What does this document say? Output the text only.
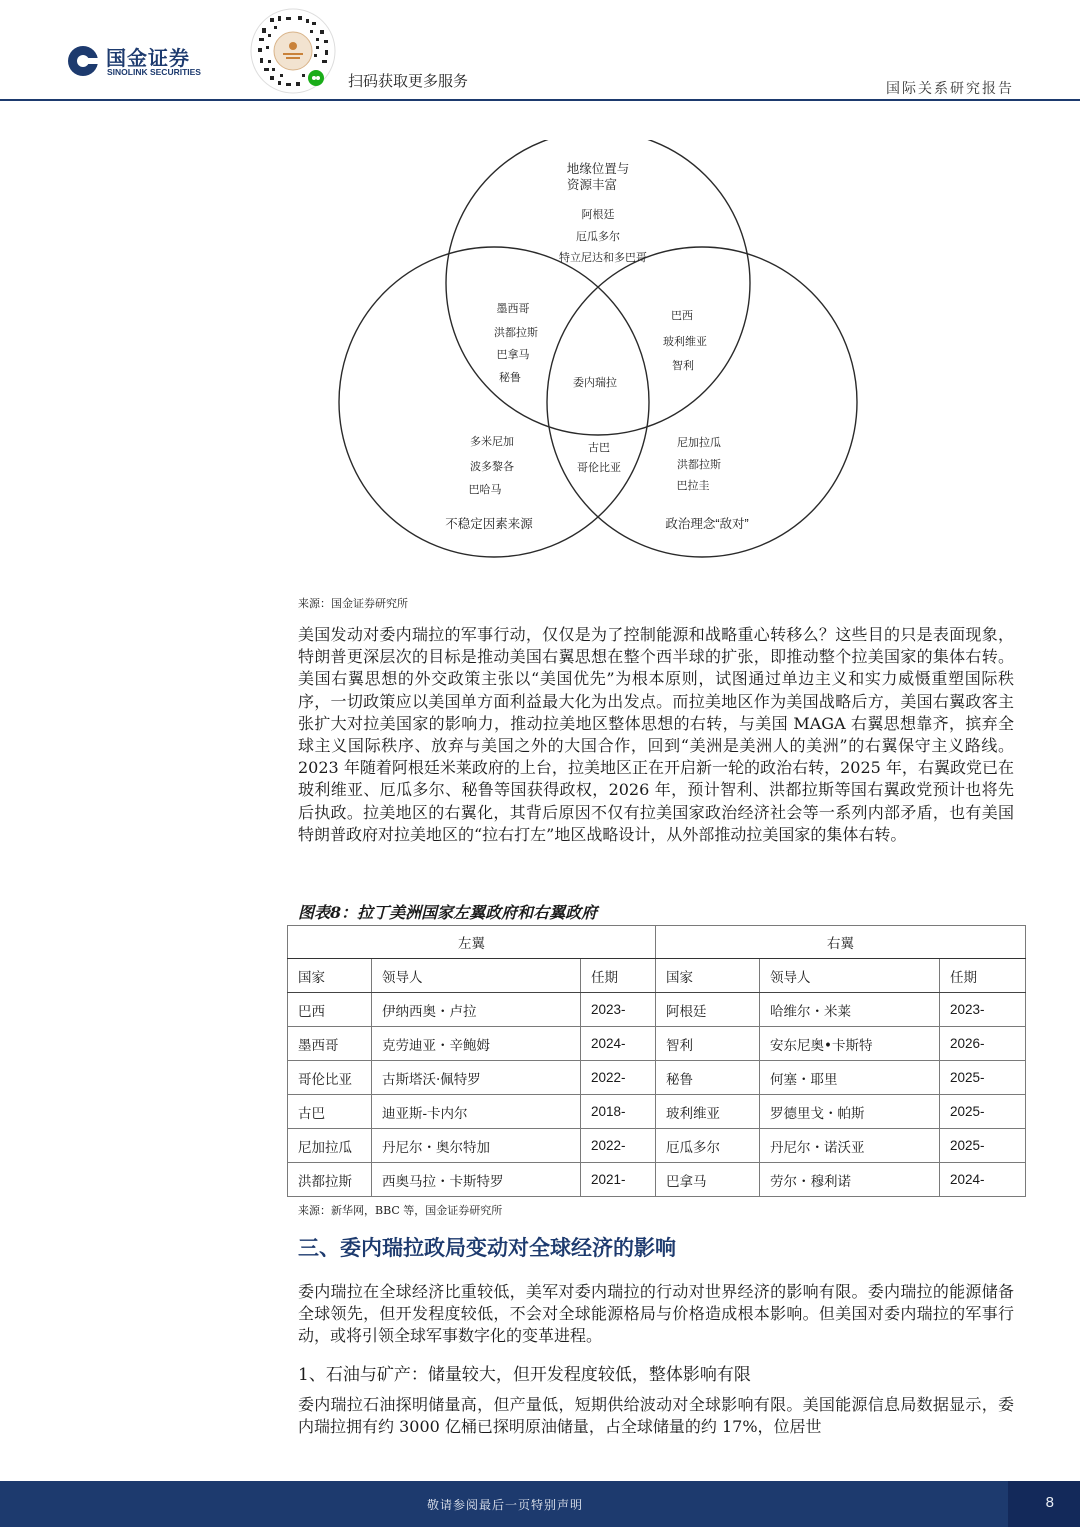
国金证券
SINOLINK SECURITIES
扫码获取更多服务	国际关系研究报告
地缘位置与
资源丰富
阿根廷
厄瓜多尔
特立尼达和多巴哥
墨西哥
洪都拉斯
巴拿马
秘鲁
巴西
玻利维亚
智利
委内瑞拉
多米尼加
波多黎各
巴哈马
不稳定因素来源
古巴
哥伦比亚
尼加拉瓜
洪都拉斯
巴拉圭
政治理念“敌对”
来源：国金证券研究所

美国发动对委内瑞拉的军事行动，仅仅是为了控制能源和战略重心转移么？这些目的只是表面现象，特朗普更深层次的目标是推动美国右翼思想在整个西半球的扩张，即推动整个拉美国家的集体右转。美国右翼思想的外交政策主张以“美国优先”为根本原则，试图通过单边主义和实力威慑重塑国际秩序，一切政策应以美国单方面利益最大化为出发点。而拉美地区作为美国战略后方，美国右翼政客主张扩大对拉美国家的影响力，推动拉美地区整体思想的右转，与美国 MAGA 右翼思想靠齐，摈弃全球主义国际秩序、放弃与美国之外的大国合作，回到“美洲是美洲人的美洲”的右翼保守主义路线。2023 年随着阿根廷米莱政府的上台，拉美地区正在开启新一轮的政治右转，2025 年，右翼政党已在玻利维亚、厄瓜多尔、秘鲁等国获得政权，2026 年，预计智利、洪都拉斯等国右翼政党预计也将先后执政。拉美地区的右翼化，其背后原因不仅有拉美国家政治经济社会等一系列内部矛盾，也有美国特朗普政府对拉美地区的“拉右打左”地区战略设计，从外部推动拉美国家的集体右转。

图表8：拉丁美洲国家左翼政府和右翼政府
左翼			右翼		
国家	领导人	任期	国家	领导人	任期
巴西	伊纳西奥・卢拉	2023-	阿根廷	哈维尔・米莱	2023-
墨西哥	克劳迪亚・辛鲍姆	2024-	智利	安东尼奥•卡斯特	2026-
哥伦比亚	古斯塔沃·佩特罗	2022-	秘鲁	何塞・耶里	2025-
古巴	迪亚斯-卡内尔	2018-	玻利维亚	罗德里戈・帕斯	2025-
尼加拉瓜	丹尼尔・奥尔特加	2022-	厄瓜多尔	丹尼尔・诺沃亚	2025-
洪都拉斯	西奥马拉・卡斯特罗	2021-	巴拿马	劳尔・穆利诺	2024-
来源：新华网，BBC 等，国金证券研究所
三、委内瑞拉政局变动对全球经济的影响

委内瑞拉在全球经济比重较低，美军对委内瑞拉的行动对世界经济的影响有限。委内瑞拉的能源储备全球领先，但开发程度较低，不会对全球能源格局与价格造成根本影响。但美国对委内瑞拉的军事行动，或将引领全球军事数字化的变革进程。

1、石油与矿产：储量较大，但开发程度较低，整体影响有限

委内瑞拉石油探明储量高，但产量低，短期供给波动对全球影响有限。美国能源信息局数据显示，委内瑞拉拥有约 3000 亿桶已探明原油储量，占全球储量的约 17%，位居世

敬请参阅最后一页特别声明	8
